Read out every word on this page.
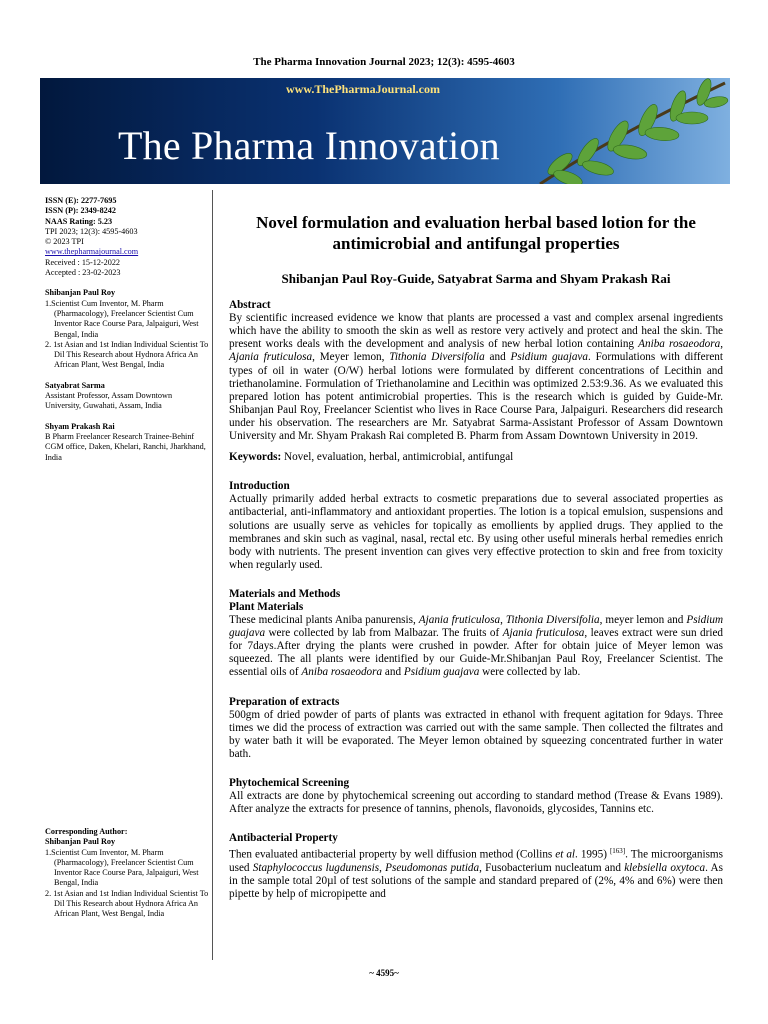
The Pharma Innovation Journal 2023; 12(3): 4595-4603
www.ThePharmaJournal.com
The Pharma Innovation
ISSN (E): 2277-7695
ISSN (P): 2349-8242
NAAS Rating: 5.23
TPI 2023; 12(3): 4595-4603
© 2023 TPI
www.thepharmajournal.com
Received : 15-12-2022
Accepted : 23-02-2023
Shibanjan Paul Roy
1.Scientist Cum Inventor, M. Pharm (Pharmacology), Freelancer Scientist Cum Inventor Race Course Para, Jalpaiguri, West Bengal, India
2. 1st Asian and 1st Indian Individual Scientist To Dil This Research about Hydnora Africa An African Plant, West Bengal, India
Satyabrat Sarma
Assistant Professor, Assam Downtown University, Guwahati, Assam, India
Shyam Prakash Rai
B Pharm Freelancer Research Trainee-Behinf CGM office, Daken, Khelari, Ranchi, Jharkhand, India
Corresponding Author:
Shibanjan Paul Roy
1.Scientist Cum Inventor, M. Pharm (Pharmacology), Freelancer Scientist Cum Inventor Race Course Para, Jalpaiguri, West Bengal, India
2. 1st Asian and 1st Indian Individual Scientist To Dil This Research about Hydnora Africa An African Plant, West Bengal, India
Novel formulation and evaluation herbal based lotion for the antimicrobial and antifungal properties
Shibanjan Paul Roy-Guide, Satyabrat Sarma and Shyam Prakash Rai
Abstract

By scientific increased evidence we know that plants are processed a vast and complex arsenal ingredients which have the ability to smooth the skin as well as restore very actively and protect and heal the skin. The present works deals with the development and analysis of new herbal lotion containing Aniba rosaeodora, Ajania fruticulosa, Meyer lemon, Tithonia Diversifolia and Psidium guajava. Formulations with different types of oil in water (O/W) herbal lotions were formulated by different concentrations of Lecithin and triethanolamine. Formulation of Triethanolamine and Lecithin was optimized 2.53:9.36. As we evaluated this prepared lotion has potent antimicrobial properties. This is the research which is guided by Guide-Mr. Shibanjan Paul Roy, Freelancer Scientist who lives in Race Course Para, Jalpaiguri. Researchers did research under his observation. The researchers are Mr. Satyabrat Sarma-Assistant Professor of Assam Downtown University and Mr. Shyam Prakash Rai completed B. Pharm from Assam Downtown University in 2019.

Keywords: Novel, evaluation, herbal, antimicrobial, antifungal

Introduction

Actually primarily added herbal extracts to cosmetic preparations due to several associated properties as antibacterial, anti-inflammatory and antioxidant properties. The lotion is a topical emulsion, suspensions and solutions are usually serve as vehicles for topically as emollients by applied drugs. They applied to the membranes and skin such as vaginal, nasal, rectal etc. By using other useful minerals herbal remedies enrich body with nutrients. The present invention can gives very effective protection to skin and free from toxicity when regularly used.

Materials and Methods
Plant Materials

These medicinal plants Aniba panurensis, Ajania fruticulosa, Tithonia Diversifolia, meyer lemon and Psidium guajava were collected by lab from Malbazar. The fruits of Ajania fruticulosa, leaves extract were sun dried for 7days.After drying the plants were crushed in powder. After for obtain juice of Meyer lemon was squeezed. The all plants were identified by our Guide-Mr.Shibanjan Paul Roy, Freelancer Scientist. The essential oils of Aniba rosaeodora and Psidium guajava were collected by lab.

Preparation of extracts

500gm of dried powder of parts of plants was extracted in ethanol with frequent agitation for 9days. Three times we did the process of extraction was carried out with the same sample. Then collected the filtrates and by water bath it will be evaporated. The Meyer lemon obtained by squeezing concentrated further in water bath.

Phytochemical Screening

All extracts are done by phytochemical screening out according to standard method (Trease & Evans 1989). After analyze the extracts for presence of tannins, phenols, flavonoids, glycosides, Tannins etc.

Antibacterial Property

Then evaluated antibacterial property by well diffusion method (Collins et al. 1995) [163]. The microorganisms used Staphylococcus lugdunensis, Pseudomonas putida, Fusobacterium nucleatum and klebsiella oxytoca. As in the sample total 20µl of test solutions of the sample and standard prepared of (2%, 4% and 6%) were then pipette by help of micropipette and

~ 4595~
